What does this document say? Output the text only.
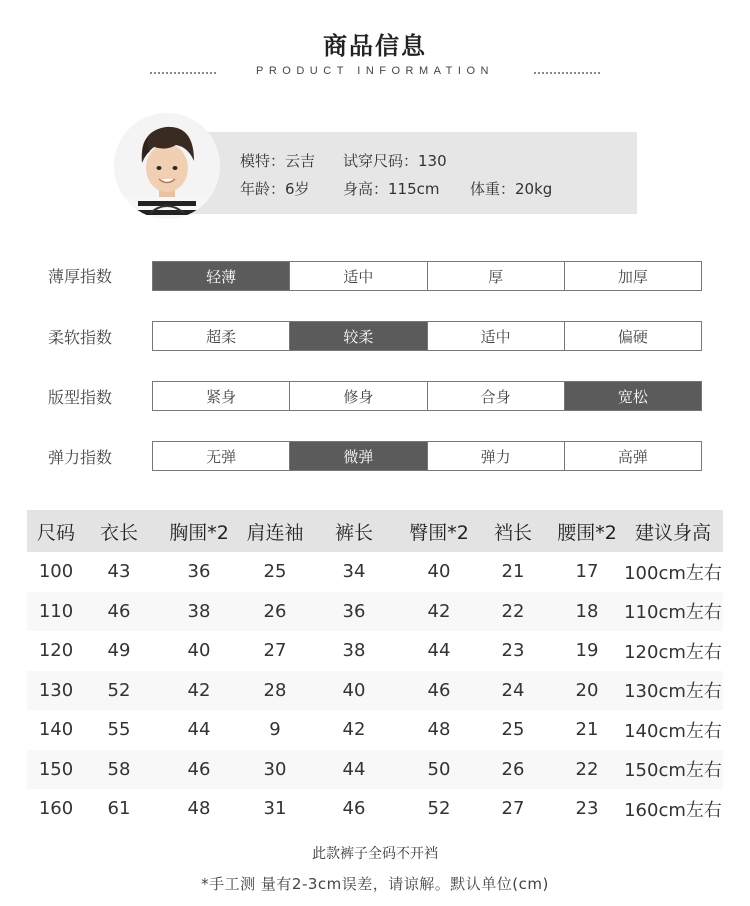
商品信息
PRODUCT INFORMATION
模特：云吉 试穿尺码：130
年龄：6岁 身高：115cm 体重：20kg
薄厚指数	轻薄	适中	厚	加厚
柔软指数	超柔	较柔	适中	偏硬
版型指数	紧身	修身	合身	宽松
弹力指数	无弹	微弹	弹力	高弹
尺码	衣长	胸围*2	肩连袖	裤长	臀围*2	裆长	腰围*2	建议身高
100	43	36	25	34	40	21	17	100cm左右
110	46	38	26	36	42	22	18	110cm左右
120	49	40	27	38	44	23	19	120cm左右
130	52	42	28	40	46	24	20	130cm左右
140	55	44	9	42	48	25	21	140cm左右
150	58	46	30	44	50	26	22	150cm左右
160	61	48	31	46	52	27	23	160cm左右
此款裤子全码不开裆
*手工测 量有2-3cm误差，请谅解。默认单位(cm)
